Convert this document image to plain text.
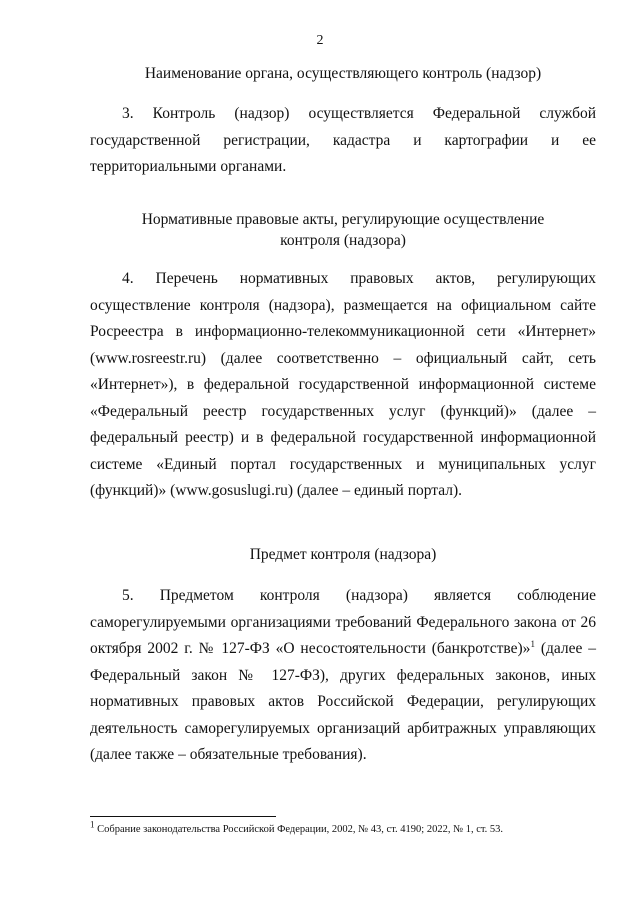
2
Наименование органа, осуществляющего контроль (надзор)
3. Контроль (надзор) осуществляется Федеральной службой государственной регистрации, кадастра и картографии и ее территориальными органами.
Нормативные правовые акты, регулирующие осуществление
контроля (надзора)
4. Перечень нормативных правовых актов, регулирующих осуществление контроля (надзора), размещается на официальном сайте Росреестра в информационно-телекоммуникационной сети «Интернет» (www.rosreestr.ru) (далее соответственно – официальный сайт, сеть «Интернет»), в федеральной государственной информационной системе «Федеральный реестр государственных услуг (функций)» (далее – федеральный реестр) и в федеральной государственной информационной системе «Единый портал государственных и муниципальных услуг (функций)» (www.gosuslugi.ru) (далее – единый портал).
Предмет контроля (надзора)
5. Предметом контроля (надзора) является соблюдение саморегулируемыми организациями требований Федерального закона от 26 октября 2002 г. № 127-ФЗ «О несостоятельности (банкротстве)»$^1$ (далее – Федеральный закон № 127-ФЗ), других федеральных законов, иных нормативных правовых актов Российской Федерации, регулирующих деятельность саморегулируемых организаций арбитражных управляющих (далее также – обязательные требования).
$^1$ Собрание законодательства Российской Федерации, 2002, № 43, ст. 4190; 2022, № 1, ст. 53.
